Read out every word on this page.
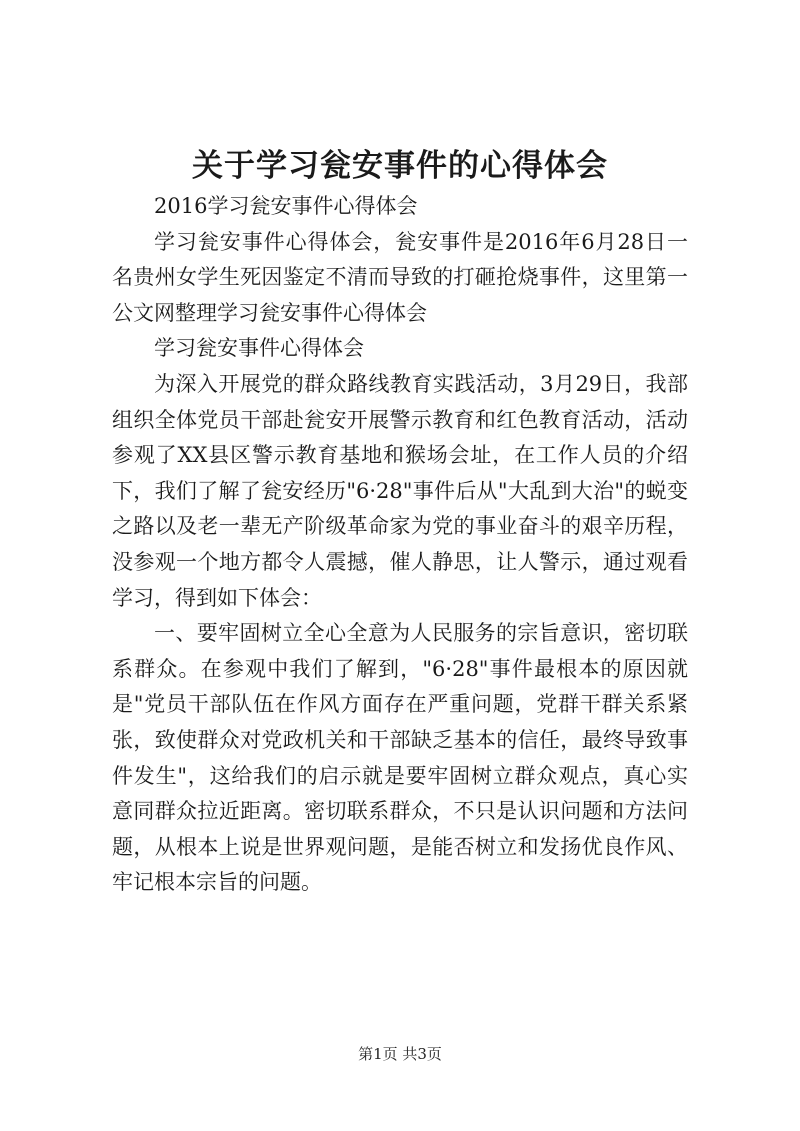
关于学习瓮安事件的心得体会

2016学习瓮安事件心得体会

学习瓮安事件心得体会，瓮安事件是2016年6月28日一名贵州女学生死因鉴定不清而导致的打砸抢烧事件，这里第一公文网整理学习瓮安事件心得体会

学习瓮安事件心得体会

为深入开展党的群众路线教育实践活动，3月29日，我部组织全体党员干部赴瓮安开展警示教育和红色教育活动，活动参观了XX县区警示教育基地和猴场会址，在工作人员的介绍下，我们了解了瓮安经历"6·28"事件后从"大乱到大治"的蜕变之路以及老一辈无产阶级革命家为党的事业奋斗的艰辛历程，没参观一个地方都令人震撼，催人静思，让人警示，通过观看学习，得到如下体会：

一、要牢固树立全心全意为人民服务的宗旨意识，密切联系群众。在参观中我们了解到，"6·28"事件最根本的原因就是"党员干部队伍在作风方面存在严重问题，党群干群关系紧张，致使群众对党政机关和干部缺乏基本的信任，最终导致事件发生"，这给我们的启示就是要牢固树立群众观点，真心实意同群众拉近距离。密切联系群众，不只是认识问题和方法问题，从根本上说是世界观问题，是能否树立和发扬优良作风、牢记根本宗旨的问题。

第1页 共3页
